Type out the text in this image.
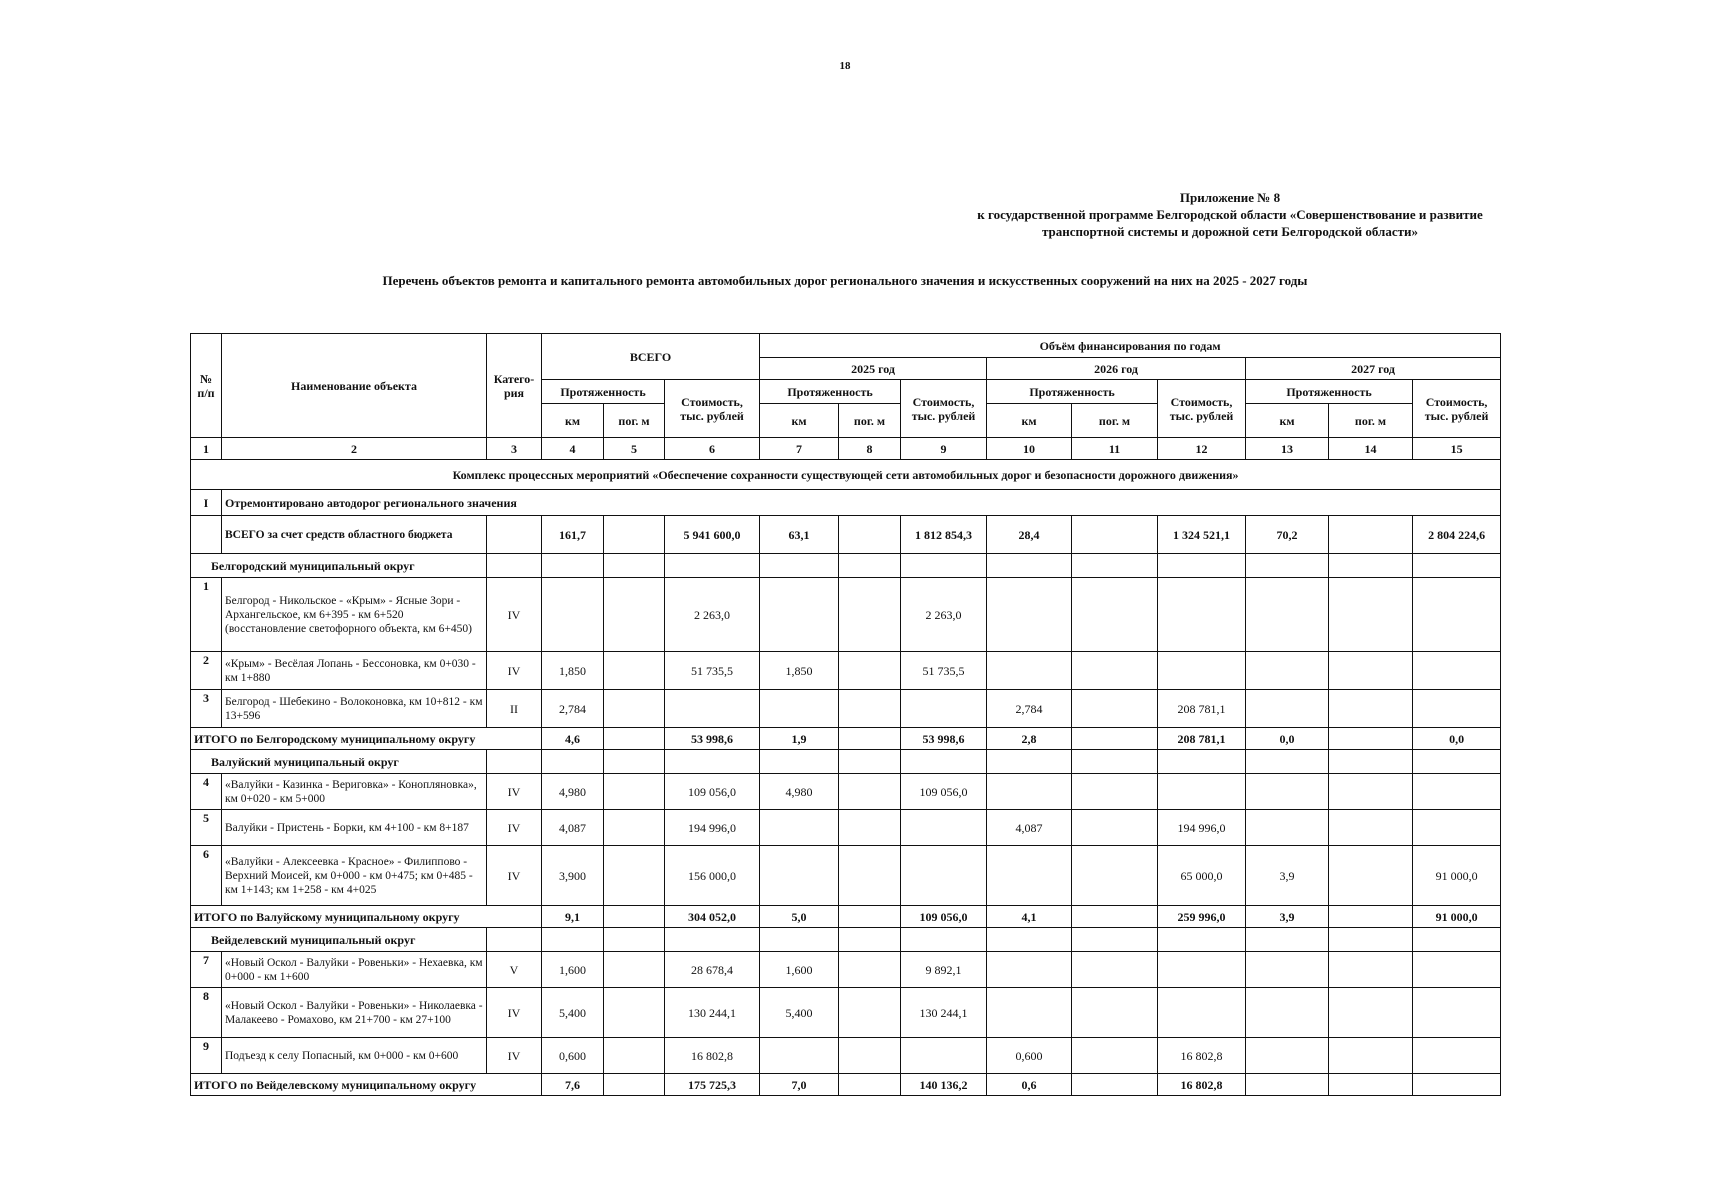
18
Приложение № 8
к государственной программе Белгородской области «Совершенствование и развитие
транспортной системы и дорожной сети Белгородской области»
Перечень объектов ремонта и капитального ремонта автомобильных дорог регионального значения и искусственных сооружений на них на 2025 - 2027 годы
№ п/п	Наименование объекта	Катего-рия	ВСЕГО			Объём финансирования по годам								
						2025 год			2026 год			2027 год		
			Протяженность		Стоимость, тыс. рублей	Протяженность		Стоимость, тыс. рублей	Протяженность		Стоимость, тыс. рублей	Протяженность		Стоимость, тыс. рублей
			км	пог. м		км	пог. м		км	пог. м		км	пог. м	
1	2	3	4	5	6	7	8	9	10	11	12	13	14	15
Комплекс процессных мероприятий «Обеспечение сохранности существующей сети автомобильных дорог и безопасности дорожного движения»														
I	Отремонтировано автодорог регионального значения													
	ВСЕГО за счет средств областного бюджета		161,7		5 941 600,0	63,1		1 812 854,3	28,4		1 324 521,1	70,2		2 804 224,6
Белгородский муниципальный округ														
1	Белгород - Никольское - «Крым» - Ясные Зори - Архангельское, км 6+395 - км 6+520 (восстановление светофорного объекта, км 6+450)	IV			2 263,0			2 263,0						
2	«Крым» - Весёлая Лопань - Бессоновка, км 0+030 - км 1+880	IV	1,850		51 735,5	1,850		51 735,5						
3	Белгород - Шебекино - Волоконовка, км 10+812 - км 13+596	II	2,784						2,784		208 781,1			
ИТОГО по Белгородскому муниципальному округу			4,6		53 998,6	1,9		53 998,6	2,8		208 781,1	0,0		0,0
Валуйский муниципальный округ														
4	«Валуйки - Казинка - Вериговка» - Конопляновка», км 0+020 - км 5+000	IV	4,980		109 056,0	4,980		109 056,0						
5	Валуйки - Пристень - Борки, км 4+100 - км 8+187	IV	4,087		194 996,0				4,087		194 996,0			
6	«Валуйки - Алексеевка - Красное» - Филиппово - Верхний Моисей, км 0+000 - км 0+475; км 0+485 - км 1+143; км 1+258 - км 4+025	IV	3,900		156 000,0						65 000,0	3,9		91 000,0
ИТОГО по Валуйскому муниципальному округу			9,1		304 052,0	5,0		109 056,0	4,1		259 996,0	3,9		91 000,0
Вейделевский муниципальный округ														
7	«Новый Оскол - Валуйки - Ровеньки» - Нехаевка, км 0+000 - км 1+600	V	1,600		28 678,4	1,600		9 892,1						
8	«Новый Оскол - Валуйки - Ровеньки» - Николаевка - Малакеево - Ромахово, км 21+700 - км 27+100	IV	5,400		130 244,1	5,400		130 244,1						
9	Подъезд к селу Попасный, км 0+000 - км 0+600	IV	0,600		16 802,8				0,600		16 802,8			
ИТОГО по Вейделевскому муниципальному округу			7,6		175 725,3	7,0		140 136,2	0,6		16 802,8			
